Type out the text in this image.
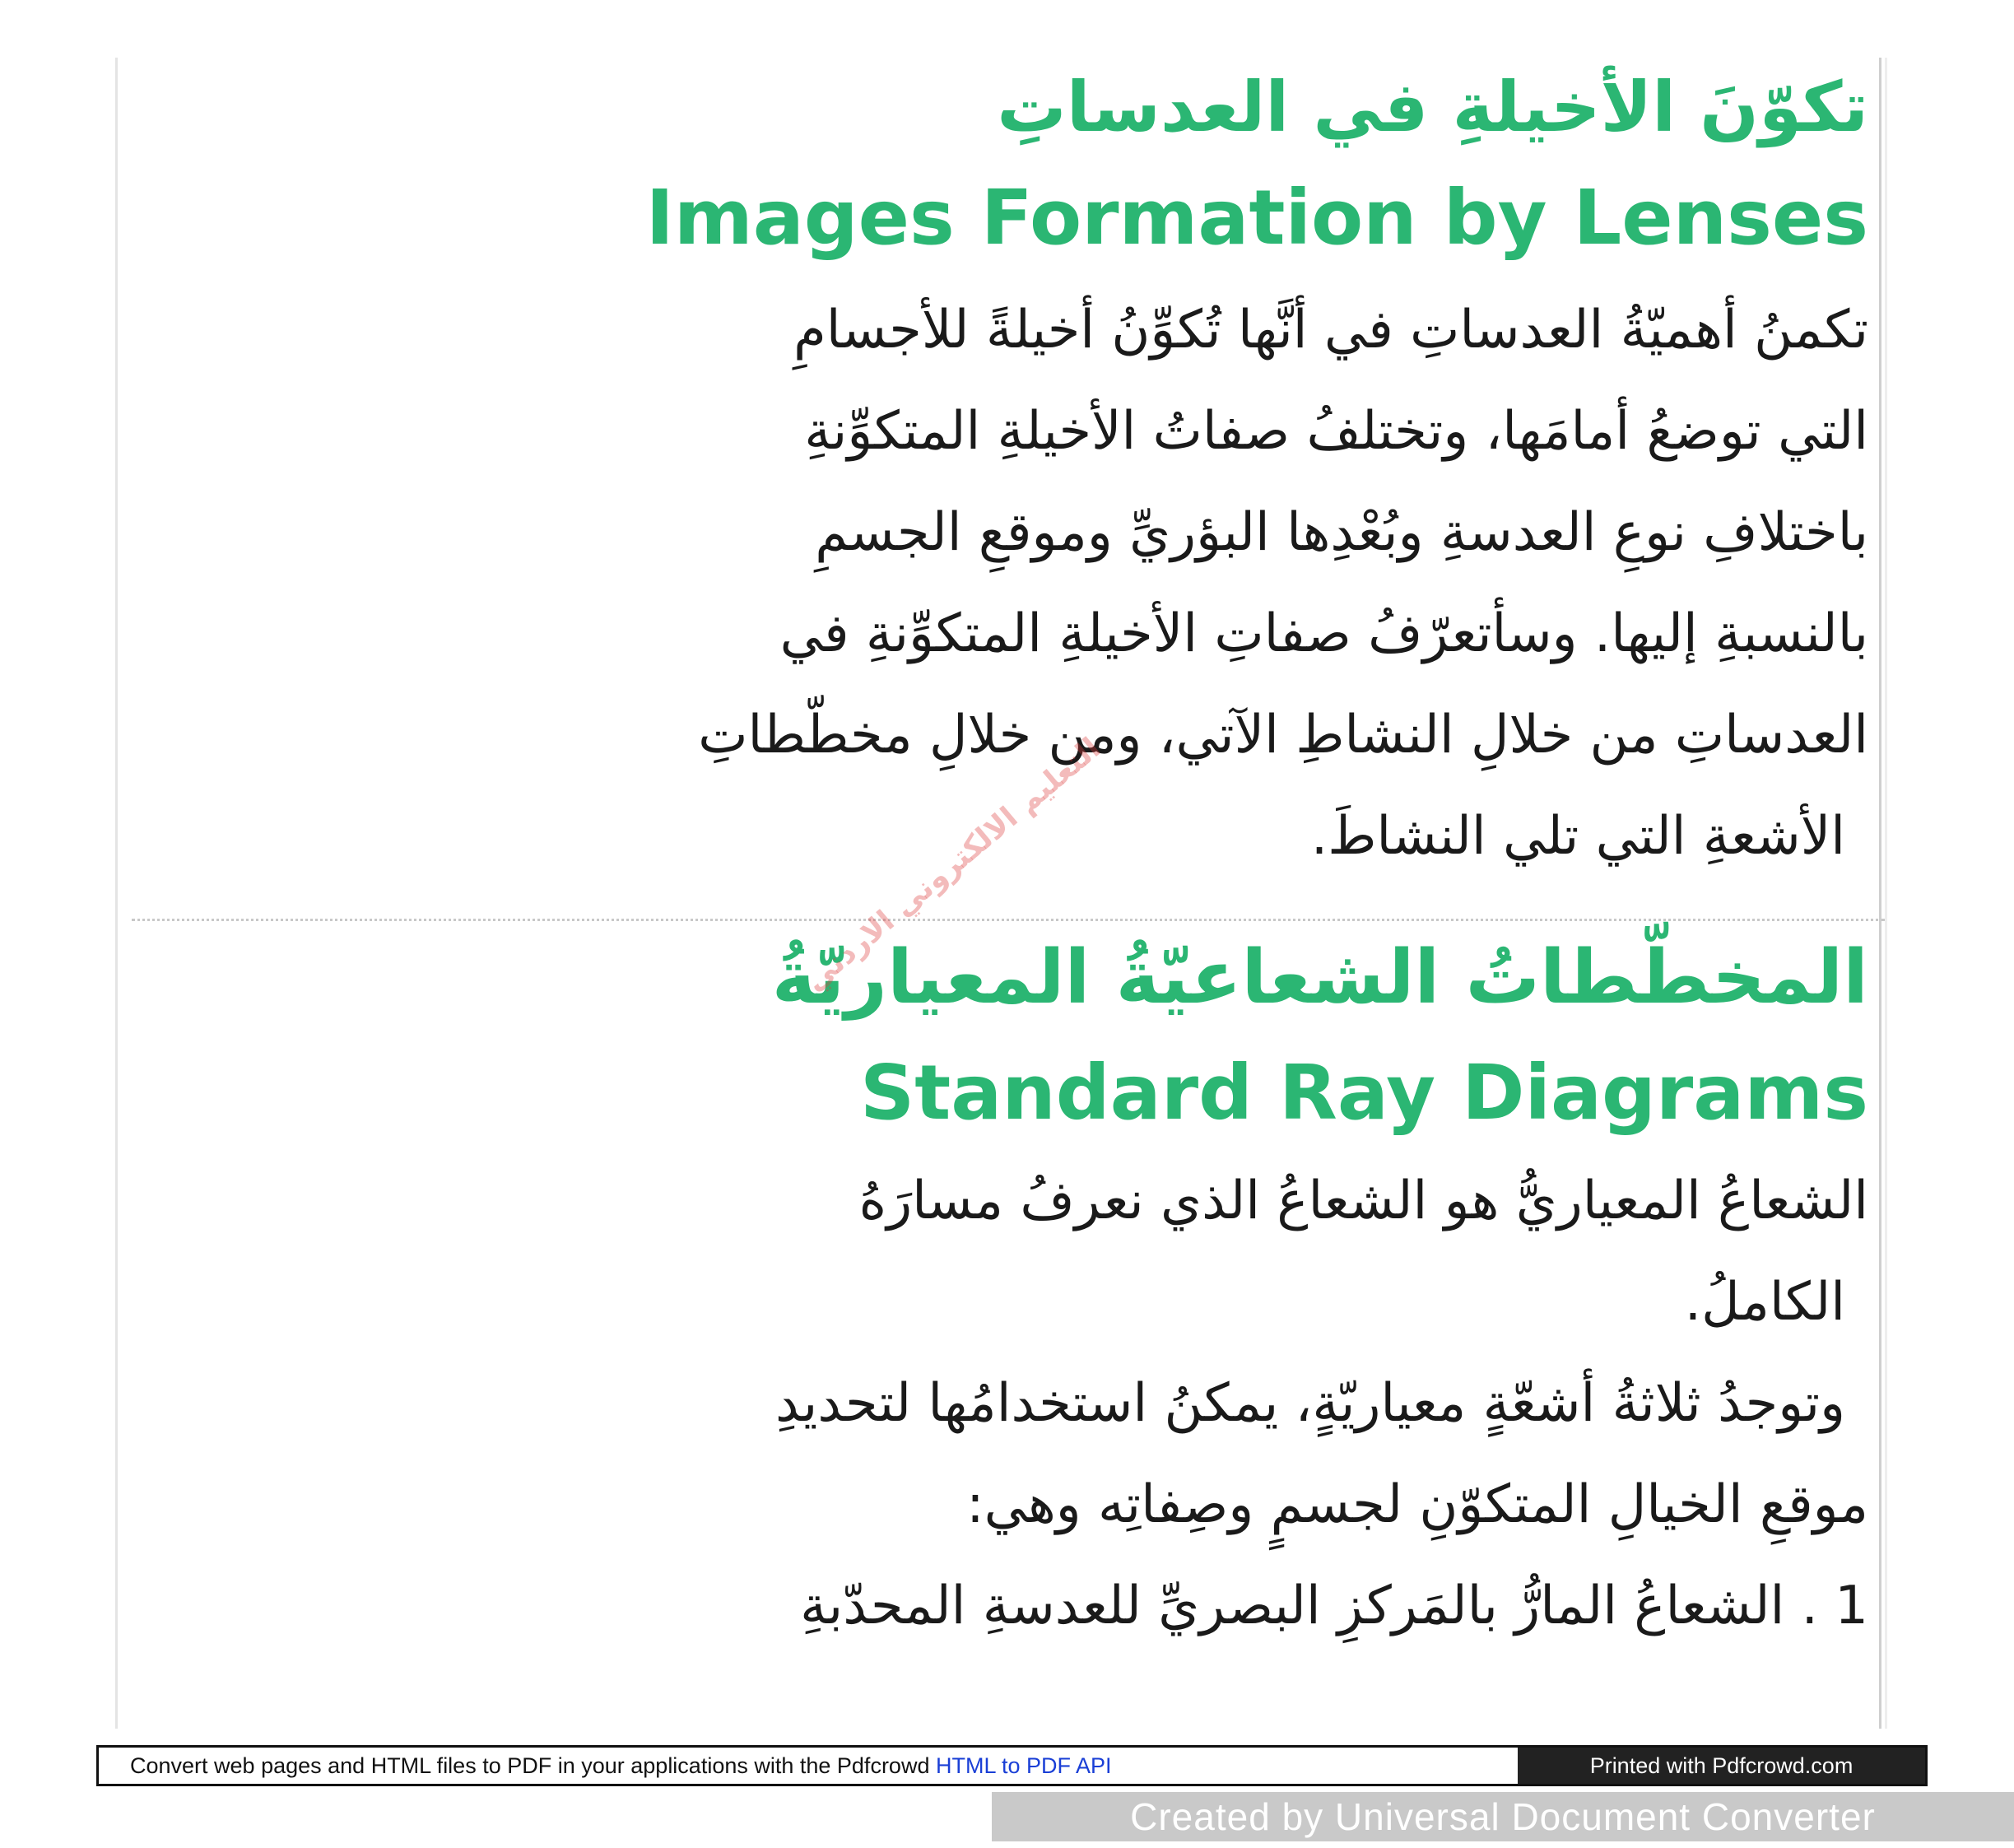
تكوّنَ الأخيلةِ في العدساتِ
Images Formation by Lenses

تكمنُ أهميّةُ العدساتِ في أنَّها تُكوِّنُ أخيلةً للأجسامِ

التي توضعُ أمامَها، وتختلفُ صفاتُ الأخيلةِ المتكوِّنةِ

باختلافِ نوعِ العدسةِ وبُعْدِها البؤريِّ وموقعِ الجسمِ

بالنسبةِ إليها. وسأتعرّفُ صفاتِ الأخيلةِ المتكوِّنةِ في

العدساتِ من خلالِ النشاطِ الآتي، ومن خلالِ مخطّطاتِ

الأشعةِ التي تلي النشاطَ.

المخطّطاتُ الشعاعيّةُ المعياريّةُ
Standard Ray Diagrams

الشعاعُ المعياريُّ هو الشعاعُ الذي نعرفُ مسارَهُ

الكاملُ.

وتوجدُ ثلاثةُ أشعّةٍ معياريّةٍ، يمكنُ استخدامُها لتحديدِ

موقعِ الخيالِ المتكوّنِ لجسمٍ وصِفاتِه وهي:

1 . الشعاعُ المارُّ بالمَركزِ البصريِّ للعدسةِ المحدّبةِ

التعليم الالكتروني الاردني
Convert web pages and HTML files to PDF in your applications with the Pdfcrowd HTML to PDF API	Printed with Pdfcrowd.com
Created by Universal Document Converter
